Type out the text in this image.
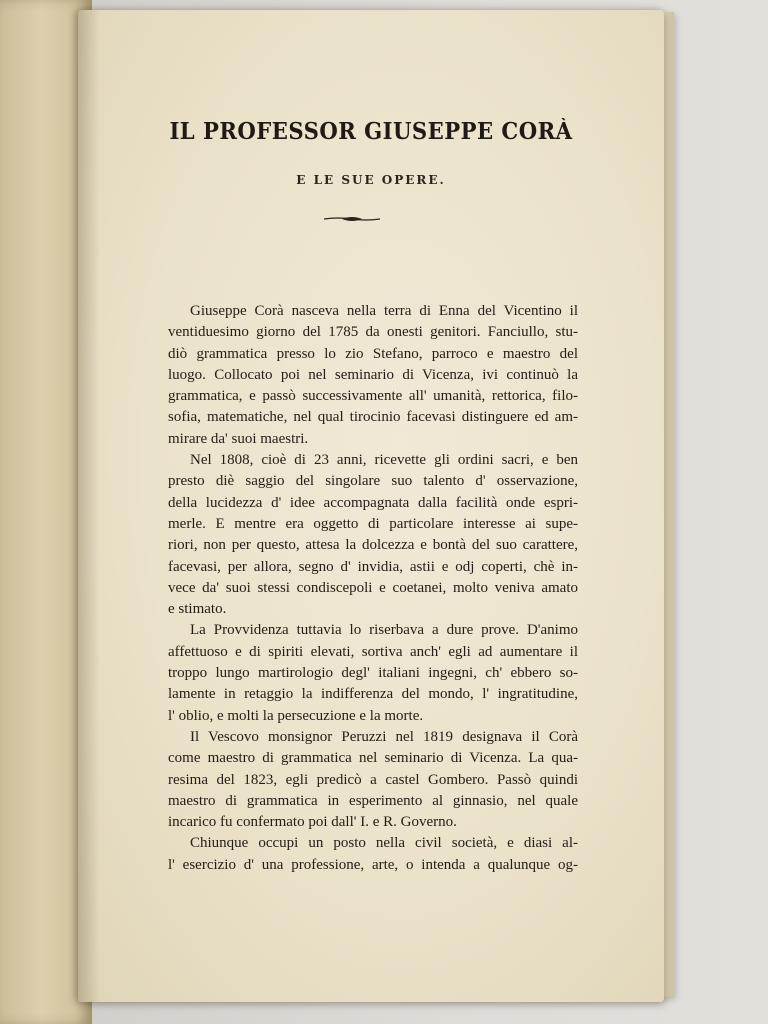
IL PROFESSOR GIUSEPPE CORÀ
E LE SUE OPERE.

Giuseppe Corà nasceva nella terra di Enna del Vicentino il
ventiduesimo giorno del 1785 da onesti genitori. Fanciullo, stu-
diò grammatica presso lo zio Stefano, parroco e maestro del
luogo. Collocato poi nel seminario di Vicenza, ivi continuò la
grammatica, e passò successivamente all' umanità, rettorica, filo-
sofia, matematiche, nel qual tirocinio facevasi distinguere ed am-
mirare da' suoi maestri.

Nel 1808, cioè di 23 anni, ricevette gli ordini sacri, e ben
presto diè saggio del singolare suo talento d' osservazione,
della lucidezza d' idee accompagnata dalla facilità onde espri-
merle. E mentre era oggetto di particolare interesse ai supe-
riori, non per questo, attesa la dolcezza e bontà del suo carattere,
facevasi, per allora, segno d' invidia, astii e odj coperti, chè in-
vece da' suoi stessi condiscepoli e coetanei, molto veniva amato
e stimato.

La Provvidenza tuttavia lo riserbava a dure prove. D'animo
affettuoso e di spiriti elevati, sortiva anch' egli ad aumentare il
troppo lungo martirologio degl' italiani ingegni, ch' ebbero so-
lamente in retaggio la indifferenza del mondo, l' ingratitudine,
l' oblio, e molti la persecuzione e la morte.

Il Vescovo monsignor Peruzzi nel 1819 designava il Corà
come maestro di grammatica nel seminario di Vicenza. La qua-
resima del 1823, egli predicò a castel Gombero. Passò quindi
maestro di grammatica in esperimento al ginnasio, nel quale
incarico fu confermato poi dall' I. e R. Governo.

Chiunque occupi un posto nella civil società, e diasi al-
l' esercizio d' una professione, arte, o intenda a qualunque og-
